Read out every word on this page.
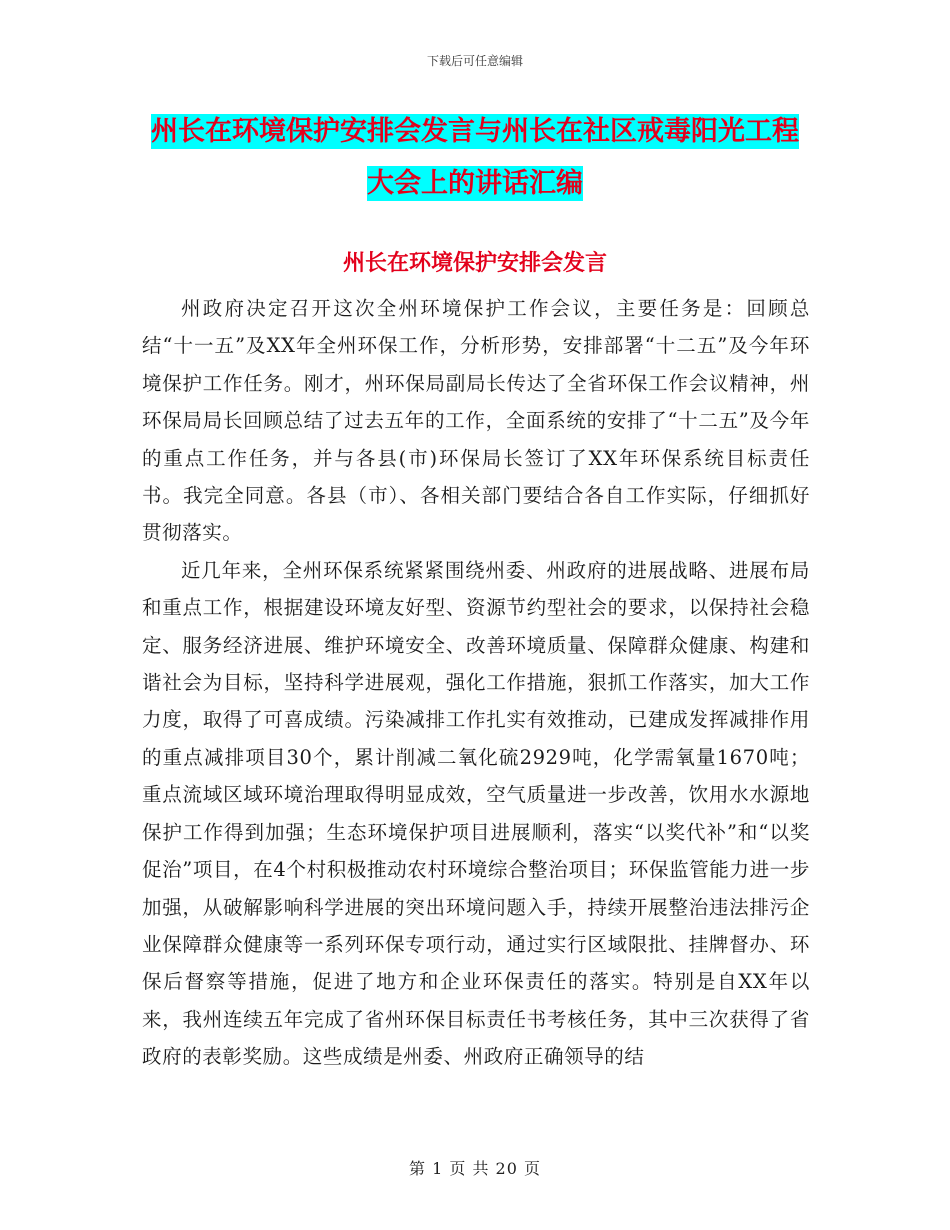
下载后可任意编辑
州长在环境保护安排会发言与州长在社区戒毒阳光工程大会上的讲话汇编
州长在环境保护安排会发言

州政府决定召开这次全州环境保护工作会议，主要任务是：回顾总结“十一五”及XX年全州环保工作，分析形势，安排部署“十二五”及今年环境保护工作任务。刚才，州环保局副局长传达了全省环保工作会议精神，州环保局局长回顾总结了过去五年的工作，全面系统的安排了“十二五”及今年的重点工作任务，并与各县(市)环保局长签订了XX年环保系统目标责任书。我完全同意。各县（市）、各相关部门要结合各自工作实际，仔细抓好贯彻落实。

近几年来，全州环保系统紧紧围绕州委、州政府的进展战略、进展布局和重点工作，根据建设环境友好型、资源节约型社会的要求，以保持社会稳定、服务经济进展、维护环境安全、改善环境质量、保障群众健康、构建和谐社会为目标，坚持科学进展观，强化工作措施，狠抓工作落实，加大工作力度，取得了可喜成绩。污染减排工作扎实有效推动，已建成发挥减排作用的重点减排项目30个，累计削减二氧化硫2929吨，化学需氧量1670吨；重点流域区域环境治理取得明显成效，空气质量进一步改善，饮用水水源地保护工作得到加强；生态环境保护项目进展顺利，落实“以奖代补”和“以奖促治”项目，在4个村积极推动农村环境综合整治项目；环保监管能力进一步加强，从破解影响科学进展的突出环境问题入手，持续开展整治违法排污企业保障群众健康等一系列环保专项行动，通过实行区域限批、挂牌督办、环保后督察等措施，促进了地方和企业环保责任的落实。特别是自XX年以来，我州连续五年完成了省州环保目标责任书考核任务，其中三次获得了省政府的表彰奖励。这些成绩是州委、州政府正确领导的结

第 1 页 共 20 页
